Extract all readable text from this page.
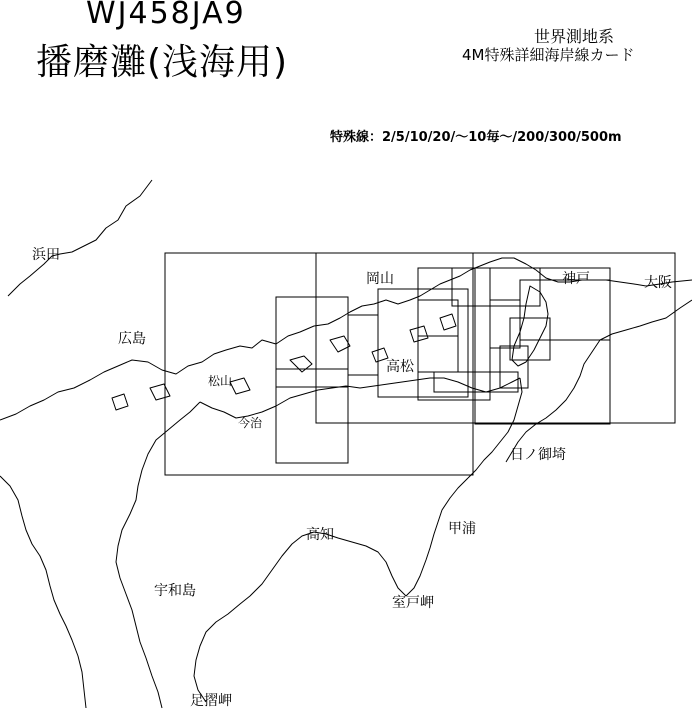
WJ458JA9
播磨灘(浅海用)
世界測地系
4M特殊詳細海岸線カード
特殊線：2/5/10/20/～10毎～/200/300/500m
浜田
広島
岡山	神戸	大阪
高松
今治
松山
日ノ御埼
高知	甲浦
宇和島
室戸岬
足摺岬
